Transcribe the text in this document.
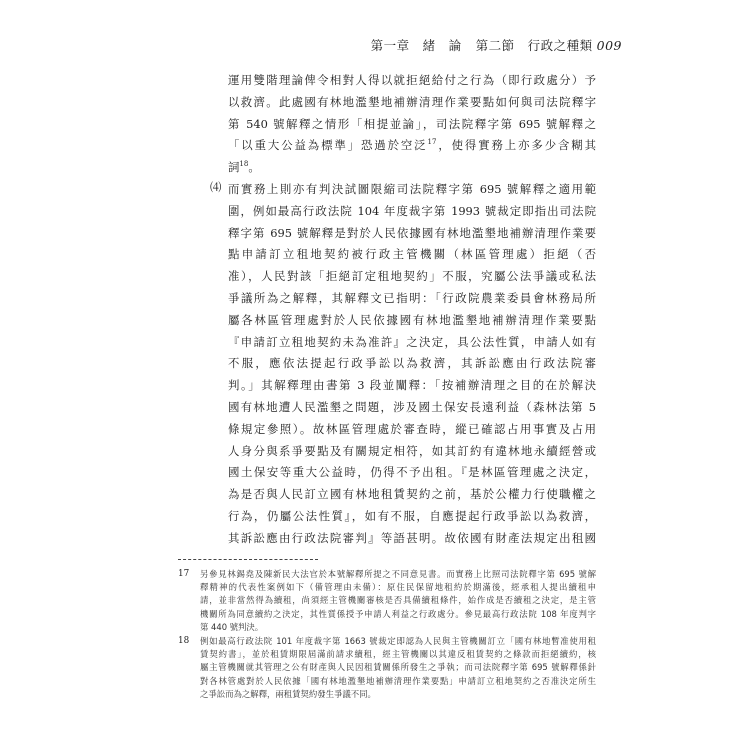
第一章　緒　論 第二節　行政之種類 009
運用雙階理論俾令相對人得以就拒絕給付之行為（即行政處分）予
以救濟。此處國有林地濫墾地補辦清理作業要點如何與司法院釋字
第 540 號解釋之情形「相提並論」，司法院釋字第 695 號解釋之
「以重大公益為標準」恐過於空泛$^{17}$，使得實務上亦多少含糊其
詞$^{18}$。
⑷ 而實務上則亦有判決試圖限縮司法院釋字第 695 號解釋之適用範
圍，例如最高行政法院 104 年度裁字第 1993 號裁定即指出司法院
釋字第 695 號解釋是對於人民依據國有林地濫墾地補辦清理作業要
點申請訂立租地契約被行政主管機關（林區管理處）拒絕（否
准），人民對該「拒絕訂定租地契約」不服，究屬公法爭議或私法
爭議所為之解釋，其解釋文已指明：「行政院農業委員會林務局所
屬各林區管理處對於人民依據國有林地濫墾地補辦清理作業要點
『申請訂立租地契約未為准許』之決定，具公法性質，申請人如有
不服，應依法提起行政爭訟以為救濟，其訴訟應由行政法院審
判。」其解釋理由書第 3 段並闡釋：「按補辦清理之目的在於解決
國有林地遭人民濫墾之問題，涉及國土保安長遠利益（森林法第 5
條規定參照）。故林區管理處於審查時，縱已確認占用事實及占用
人身分與系爭要點及有關規定相符，如其訂約有違林地永續經營或
國土保安等重大公益時，仍得不予出租。『是林區管理處之決定，
為是否與人民訂立國有林地租賃契約之前，基於公權力行使職權之
行為，仍屬公法性質』，如有不服，自應提起行政爭訟以為救濟，
其訴訟應由行政法院審判』等語甚明。故依國有財產法規定出租國
17 另參見林錫堯及陳新民大法官於本號解釋所提之不同意見書。而實務上比照司法院釋字第 695 號解
釋精神的代表性案例如下（備管理由未備）：原住民保留地租約於期滿後，經承租人提出續租申
請，並非當然得為續租，尚須經主管機關審核是否具備續租條件，始作成是否續租之決定，是主管
機關所為同意續約之決定，其性質係授予申請人利益之行政處分。參見最高行政法院 108 年度判字
第 440 號判決。
18 例如最高行政法院 101 年度裁字第 1663 號裁定即認為人民與主管機關訂立「國有林地暫准使用租
賃契約書」，並於租賃期限屆滿前請求續租，經主管機關以其違反租賃契約之條款而拒絕續約，核
屬主管機關就其管理之公有財產與人民因租賃關係所發生之爭執；而司法院釋字第 695 號解釋係針
對各林管處對於人民依據「國有林地濫墾地補辦清理作業要點」申請訂立租地契約之否准決定所生
之爭訟而為之解釋，兩租賃契約發生爭議不同。
